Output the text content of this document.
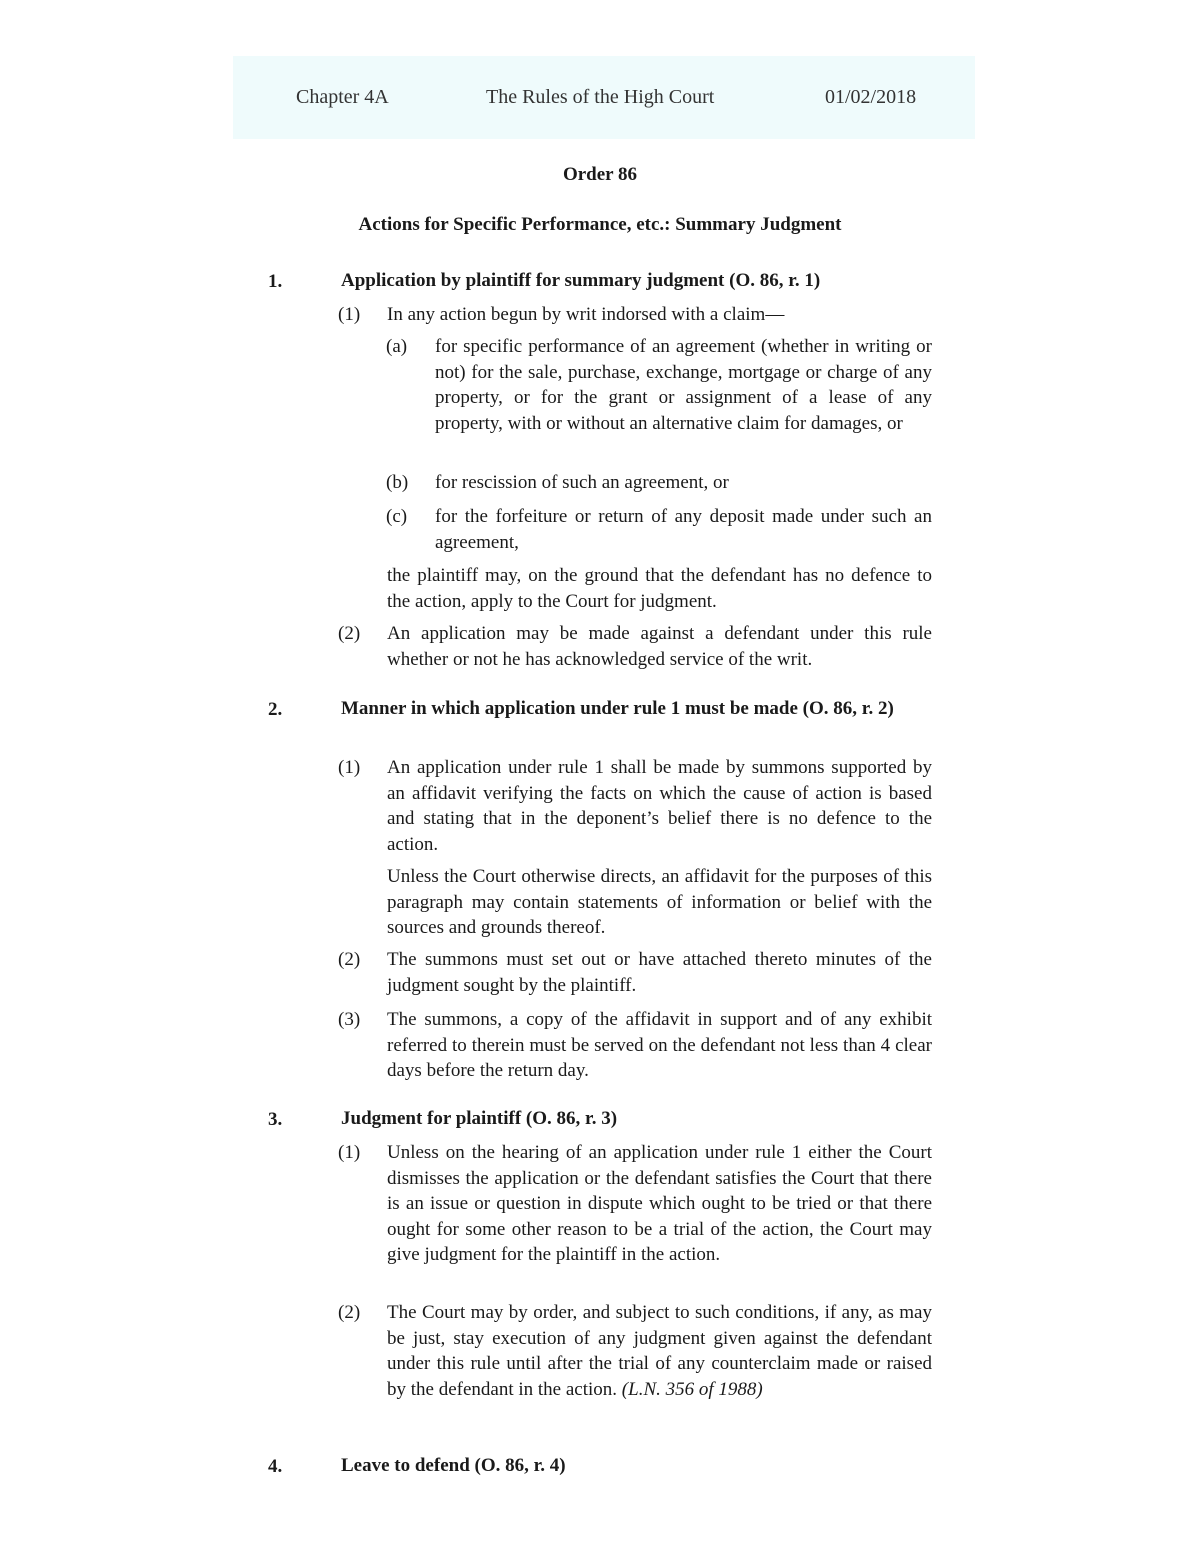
Chapter 4A	The Rules of the High Court	01/02/2018
Order 86
Actions for Specific Performance, etc.: Summary Judgment
1.	Application by plaintiff for summary judgment (O. 86, r. 1)
(1) In any action begun by writ indorsed with a claim—
(a) for specific performance of an agreement (whether in writing or not) for the sale, purchase, exchange, mortgage or charge of any property, or for the grant or assignment of a lease of any property, with or without an alternative claim for damages, or
(b) for rescission of such an agreement, or
(c) for the forfeiture or return of any deposit made under such an agreement,
the plaintiff may, on the ground that the defendant has no defence to the action, apply to the Court for judgment.
(2) An application may be made against a defendant under this rule whether or not he has acknowledged service of the writ.
2.	Manner in which application under rule 1 must be made (O. 86, r. 2)
(1) An application under rule 1 shall be made by summons supported by an affidavit verifying the facts on which the cause of action is based and stating that in the deponent’s belief there is no defence to the action.
Unless the Court otherwise directs, an affidavit for the purposes of this paragraph may contain statements of information or belief with the sources and grounds thereof.
(2) The summons must set out or have attached thereto minutes of the judgment sought by the plaintiff.
(3) The summons, a copy of the affidavit in support and of any exhibit referred to therein must be served on the defendant not less than 4 clear days before the return day.
3.	Judgment for plaintiff (O. 86, r. 3)
(1) Unless on the hearing of an application under rule 1 either the Court dismisses the application or the defendant satisfies the Court that there is an issue or question in dispute which ought to be tried or that there ought for some other reason to be a trial of the action, the Court may give judgment for the plaintiff in the action.
(2) The Court may by order, and subject to such conditions, if any, as may be just, stay execution of any judgment given against the defendant under this rule until after the trial of any counterclaim made or raised by the defendant in the action. (L.N. 356 of 1988)
4.	Leave to defend (O. 86, r. 4)
